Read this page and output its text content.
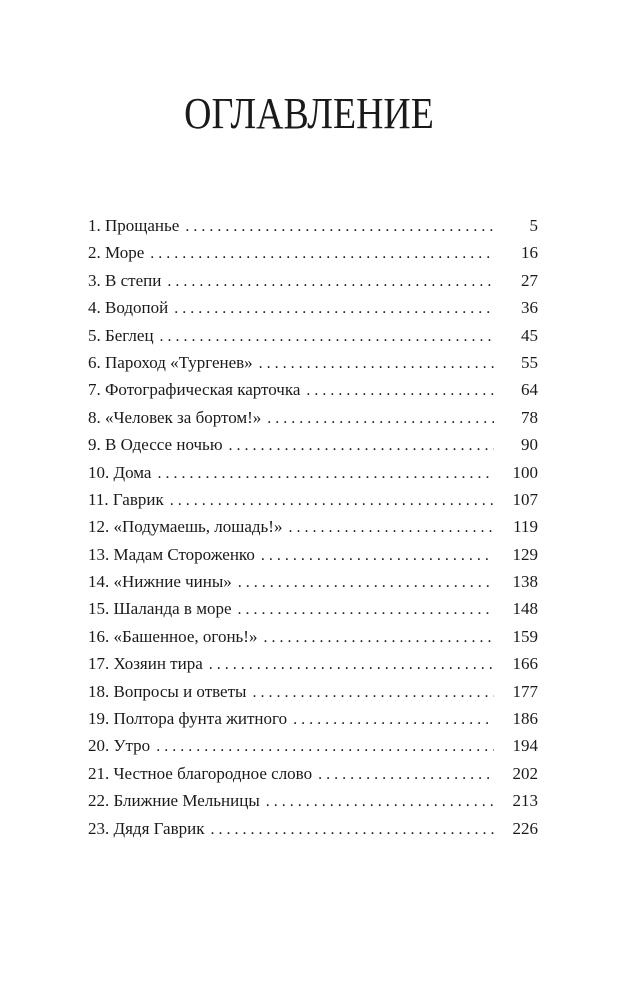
ОГЛАВЛЕНИЕ
1. Прощанье . . .	5
2. Море . . .	16
3. В степи . . .	27
4. Водопой . . .	36
5. Беглец . . .	45
6. Пароход «Тургенев» . . .	55
7. Фотографическая карточка . . .	64
8. «Человек за бортом!» . . .	78
9. В Одессе ночью . . .	90
10. Дома . . .	100
11. Гаврик . . .	107
12. «Подумаешь, лошадь!» . . .	119
13. Мадам Стороженко . . .	129
14. «Нижние чины» . . .	138
15. Шаланда в море . . .	148
16. «Башенное, огонь!» . . .	159
17. Хозяин тира . . .	166
18. Вопросы и ответы . . .	177
19. Полтора фунта житного . . .	186
20. Утро . . .	194
21. Честное благородное слово . . .	202
22. Ближние Мельницы . . .	213
23. Дядя Гаврик . . .	226
